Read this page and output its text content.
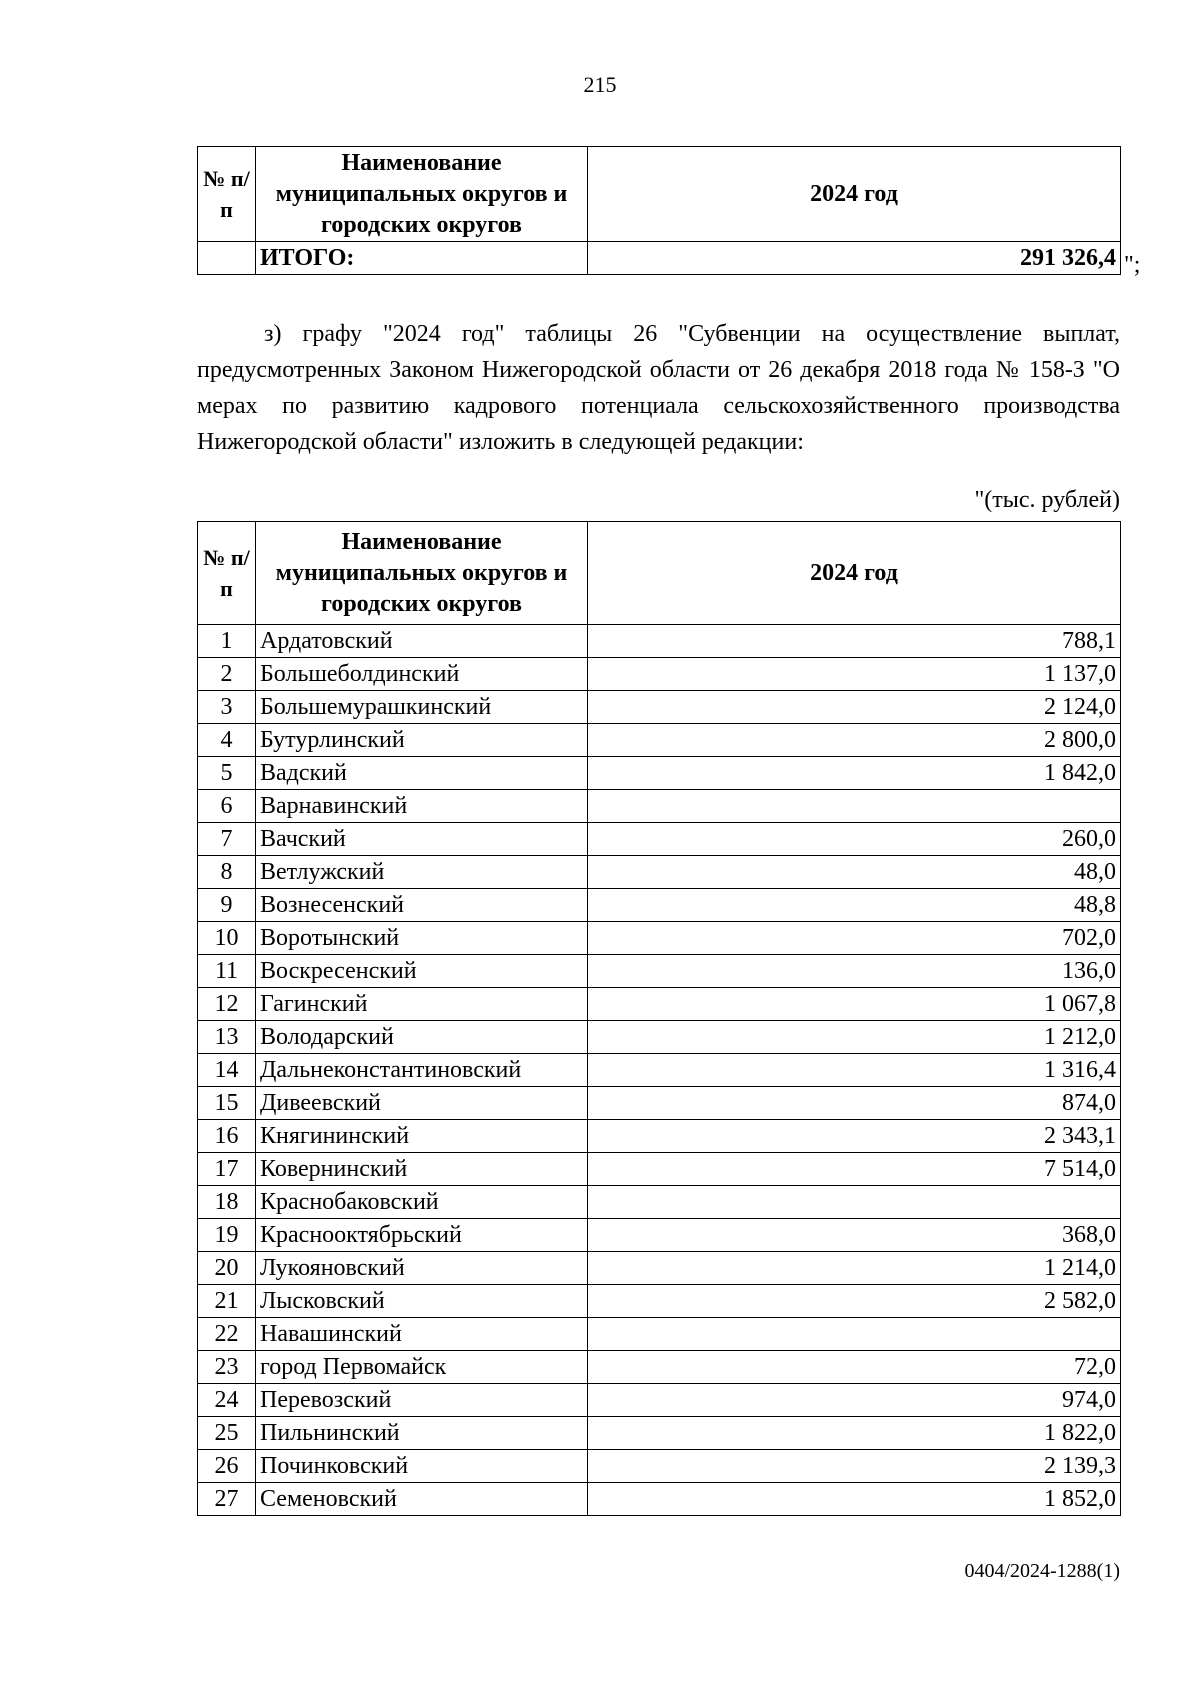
215
№ п/п	Наименование муниципальных округов и городских округов	2024 год
	ИТОГО:	291 326,4 ";
з) графу "2024 год" таблицы 26 "Субвенции на осуществление выплат, предусмотренных Законом Нижегородской области от 26 декабря 2018 года № 158-З "О мерах по развитию кадрового потенциала сельскохозяйственного производства Нижегородской области" изложить в следующей редакции:
"(тыс. рублей)
№ п/п	Наименование муниципальных округов и городских округов	2024 год
1	Ардатовский	788,1
2	Большеболдинский	1 137,0
3	Большемурашкинский	2 124,0
4	Бутурлинский	2 800,0
5	Вадский	1 842,0
6	Варнавинский	
7	Вачский	260,0
8	Ветлужский	48,0
9	Вознесенский	48,8
10	Воротынский	702,0
11	Воскресенский	136,0
12	Гагинский	1 067,8
13	Володарский	1 212,0
14	Дальнеконстантиновский	1 316,4
15	Дивеевский	874,0
16	Княгининский	2 343,1
17	Ковернинский	7 514,0
18	Краснобаковский	
19	Краснооктябрьский	368,0
20	Лукояновский	1 214,0
21	Лысковский	2 582,0
22	Навашинский	
23	город Первомайск	72,0
24	Перевозский	974,0
25	Пильнинский	1 822,0
26	Починковский	2 139,3
27	Семеновский	1 852,0
0404/2024-1288(1)
